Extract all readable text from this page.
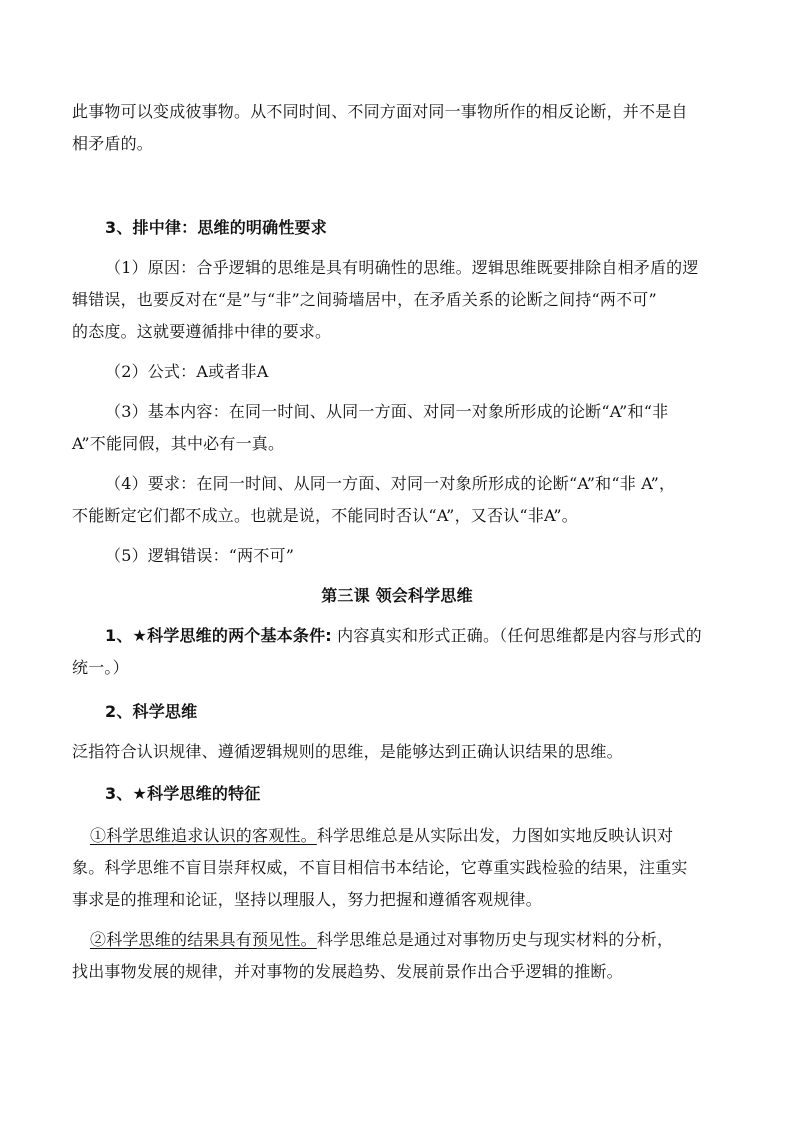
此事物可以变成彼事物。从不同时间、不同方面对同一事物所作的相反论断，并不是自
相矛盾的。
3、排中律：思维的明确性要求
（1）原因：合乎逻辑的思维是具有明确性的思维。逻辑思维既要排除自相矛盾的逻
辑错误，也要反对在“是”与“非”之间骑墙居中，在矛盾关系的论断之间持“两不可”
的态度。这就要遵循排中律的要求。
（2）公式：A或者非A
（3）基本内容：在同一时间、从同一方面、对同一对象所形成的论断“A”和“非
A”不能同假，其中必有一真。
（4）要求：在同一时间、从同一方面、对同一对象所形成的论断“A”和“非 A”，
不能断定它们都不成立。也就是说，不能同时否认“A”，又否认“非A”。
（5）逻辑错误：“两不可”
第三课 领会科学思维
1、★科学思维的两个基本条件: 内容真实和形式正确。（任何思维都是内容与形式的
统一。）
2、科学思维
泛指符合认识规律、遵循逻辑规则的思维，是能够达到正确认识结果的思维。
3、★科学思维的特征
①科学思维追求认识的客观性。科学思维总是从实际出发，力图如实地反映认识对
象。科学思维不盲目崇拜权威，不盲目相信书本结论，它尊重实践检验的结果，注重实
事求是的推理和论证，坚持以理服人，努力把握和遵循客观规律。
②科学思维的结果具有预见性。科学思维总是通过对事物历史与现实材料的分析，
找出事物发展的规律，并对事物的发展趋势、发展前景作出合乎逻辑的推断。
